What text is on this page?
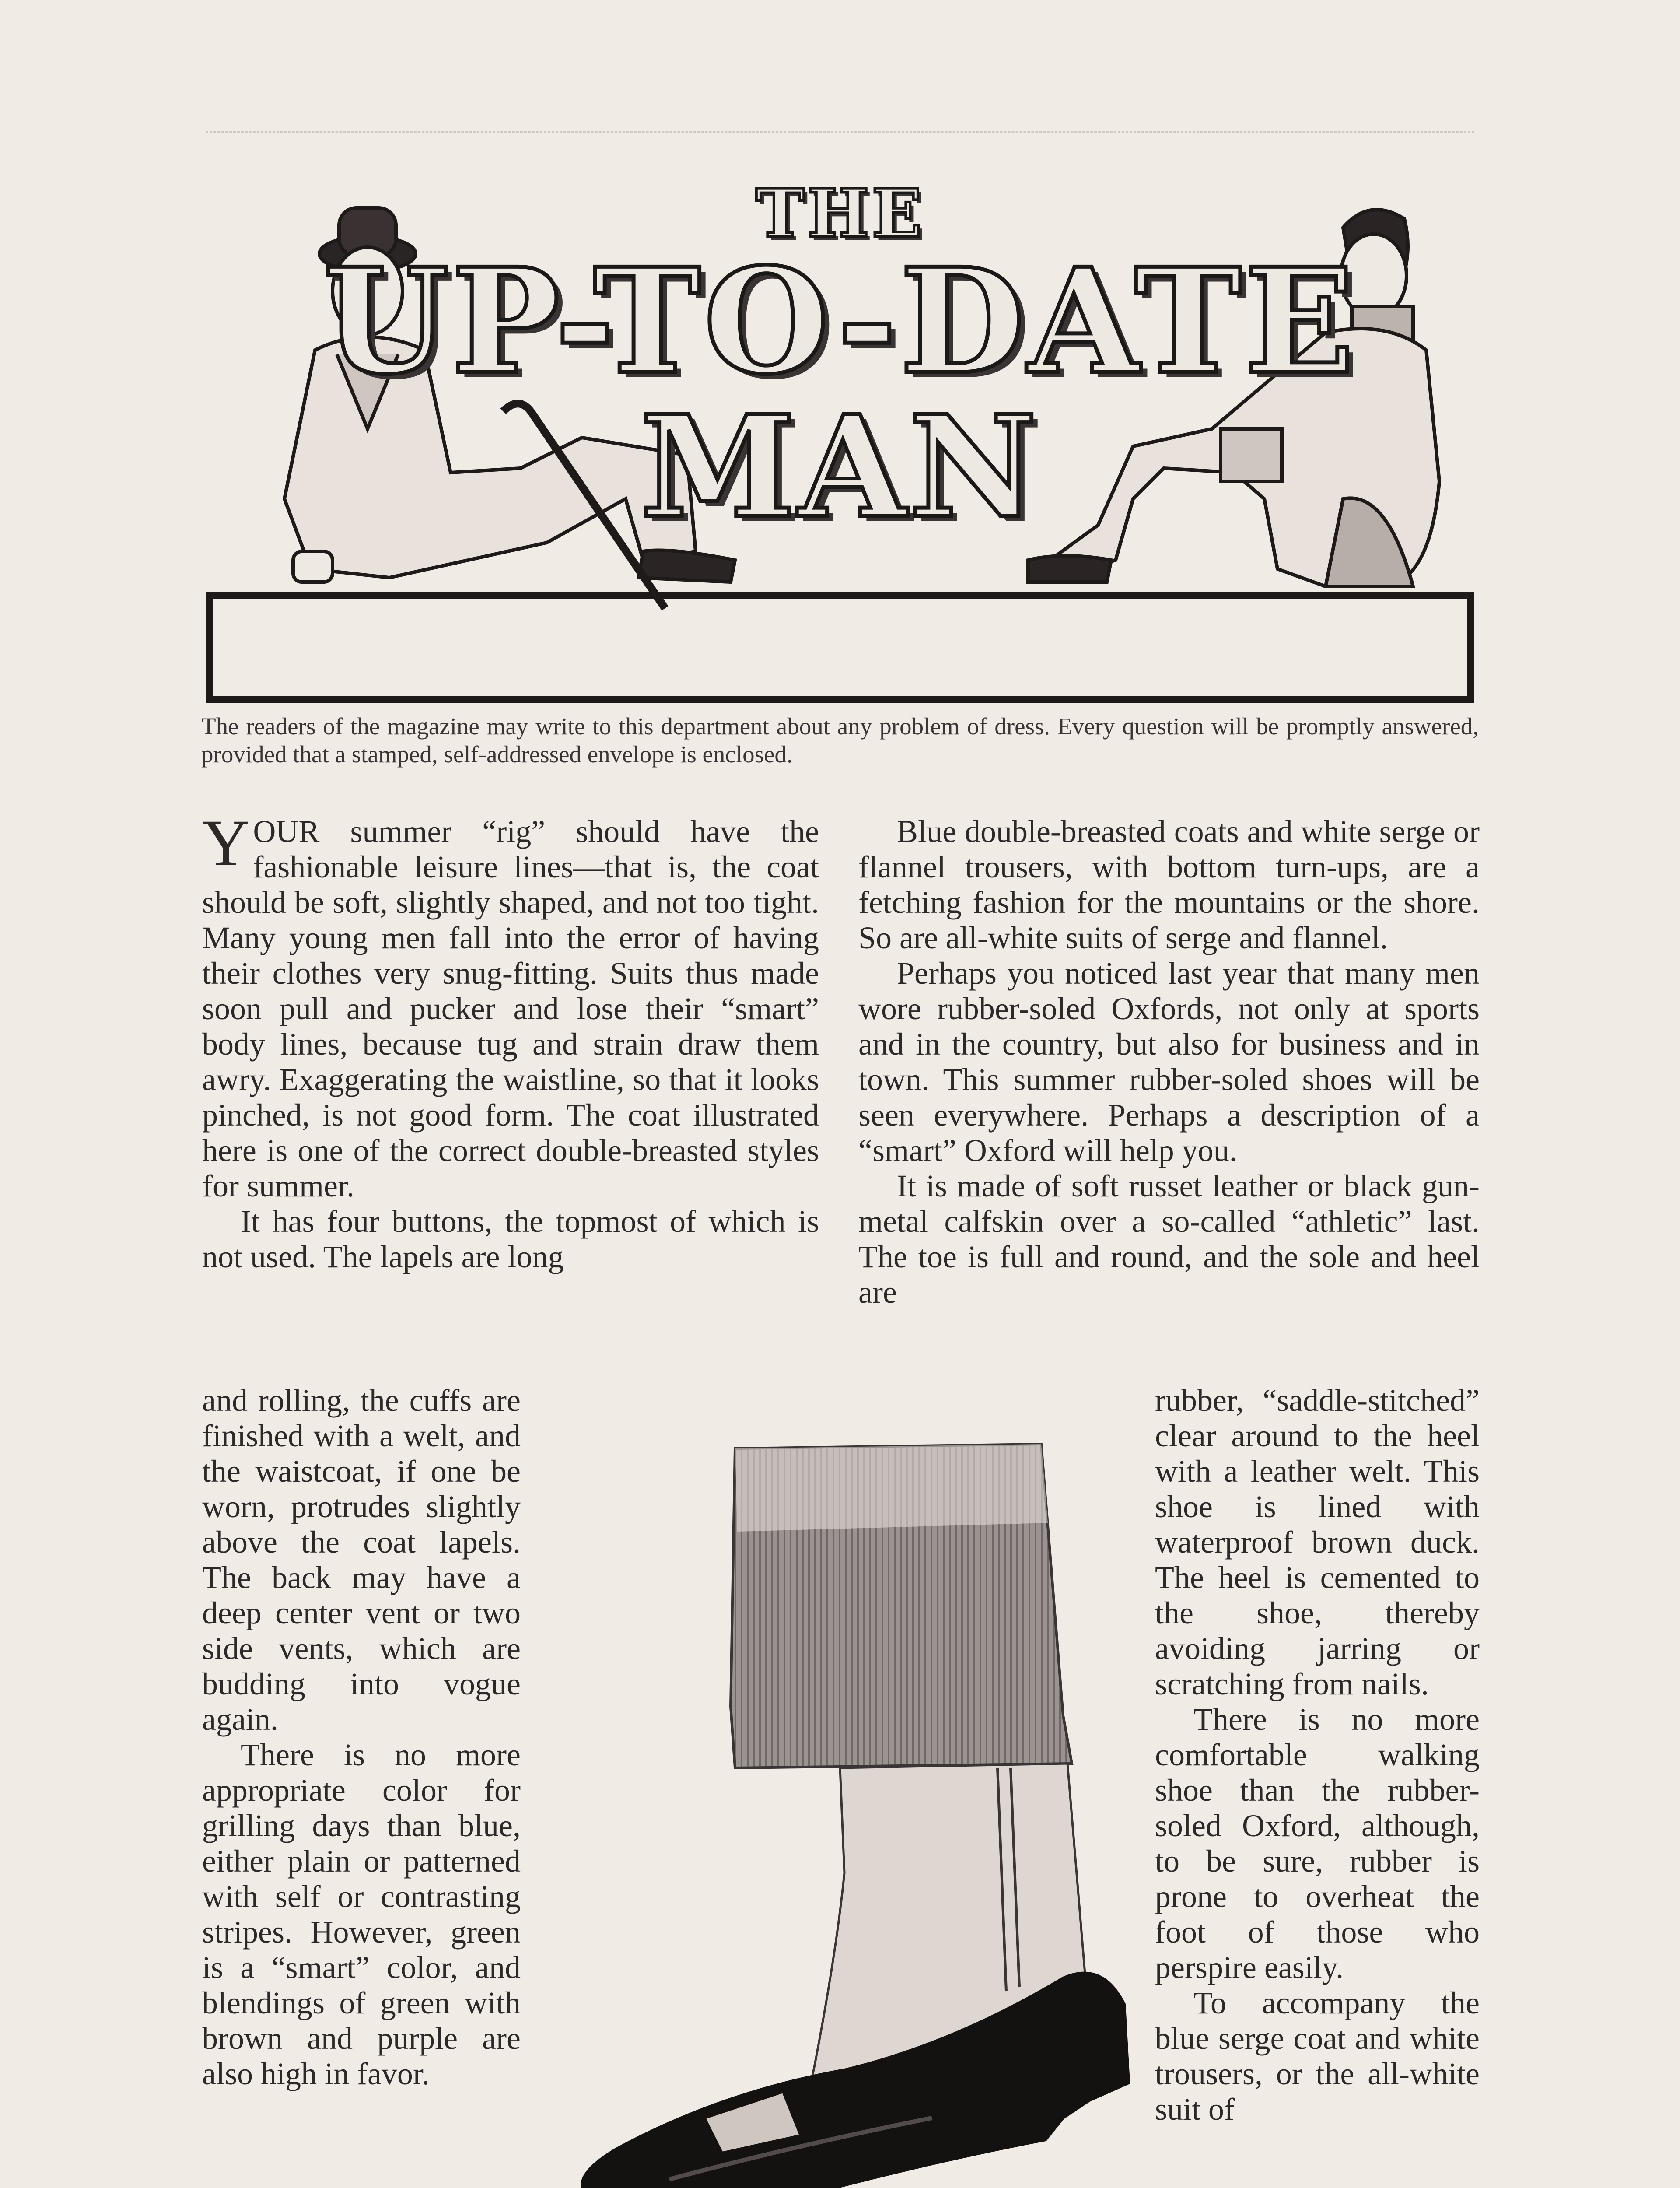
THE
UP-TO-DATE
MAN
The readers of the magazine may write to this department about any problem of dress. Every question will be promptly answered, provided that a stamped, self-addressed envelope is enclosed.

YOUR summer “rig” should have the fashionable leisure lines—that is, the coat should be soft, slightly shaped, and not too tight. Many young men fall into the error of having their clothes very snug-fitting. Suits thus made soon pull and pucker and lose their “smart” body lines, because tug and strain draw them awry. Exaggerating the waistline, so that it looks pinched, is not good form. The coat illustrated here is one of the correct double-breasted styles for summer.

It has four buttons, the topmost of which is not used. The lapels are long

and rolling, the cuffs are finished with a welt, and the waistcoat, if one be worn, protrudes slightly above the coat lapels. The back may have a deep center vent or two side vents, which are budding into vogue again.

There is no more appropriate color for grilling days than blue, either plain or patterned with self or contrasting stripes. However, green is a “smart” color, and blendings of green with brown and purple are also high in favor.

Blue double-breasted coats and white serge or flannel trousers, with bottom turn-ups, are a fetching fashion for the mountains or the shore. So are all-white suits of serge and flannel.

Perhaps you noticed last year that many men wore rubber-soled Oxfords, not only at sports and in the country, but also for business and in town. This summer rubber-soled shoes will be seen everywhere. Perhaps a description of a “smart” Oxford will help you.

It is made of soft russet leather or black gun-metal calfskin over a so-called “athletic” last. The toe is full and round, and the sole and heel are

rubber, “saddle-stitched” clear around to the heel with a leather welt. This shoe is lined with waterproof brown duck. The heel is cemented to the shoe, thereby avoiding jarring or scratching from nails.

There is no more comfortable walking shoe than the rubber-soled Oxford, although, to be sure, rubber is prone to overheat the foot of those who perspire easily.

To accompany the blue serge coat and white trousers, or the all-white suit of
